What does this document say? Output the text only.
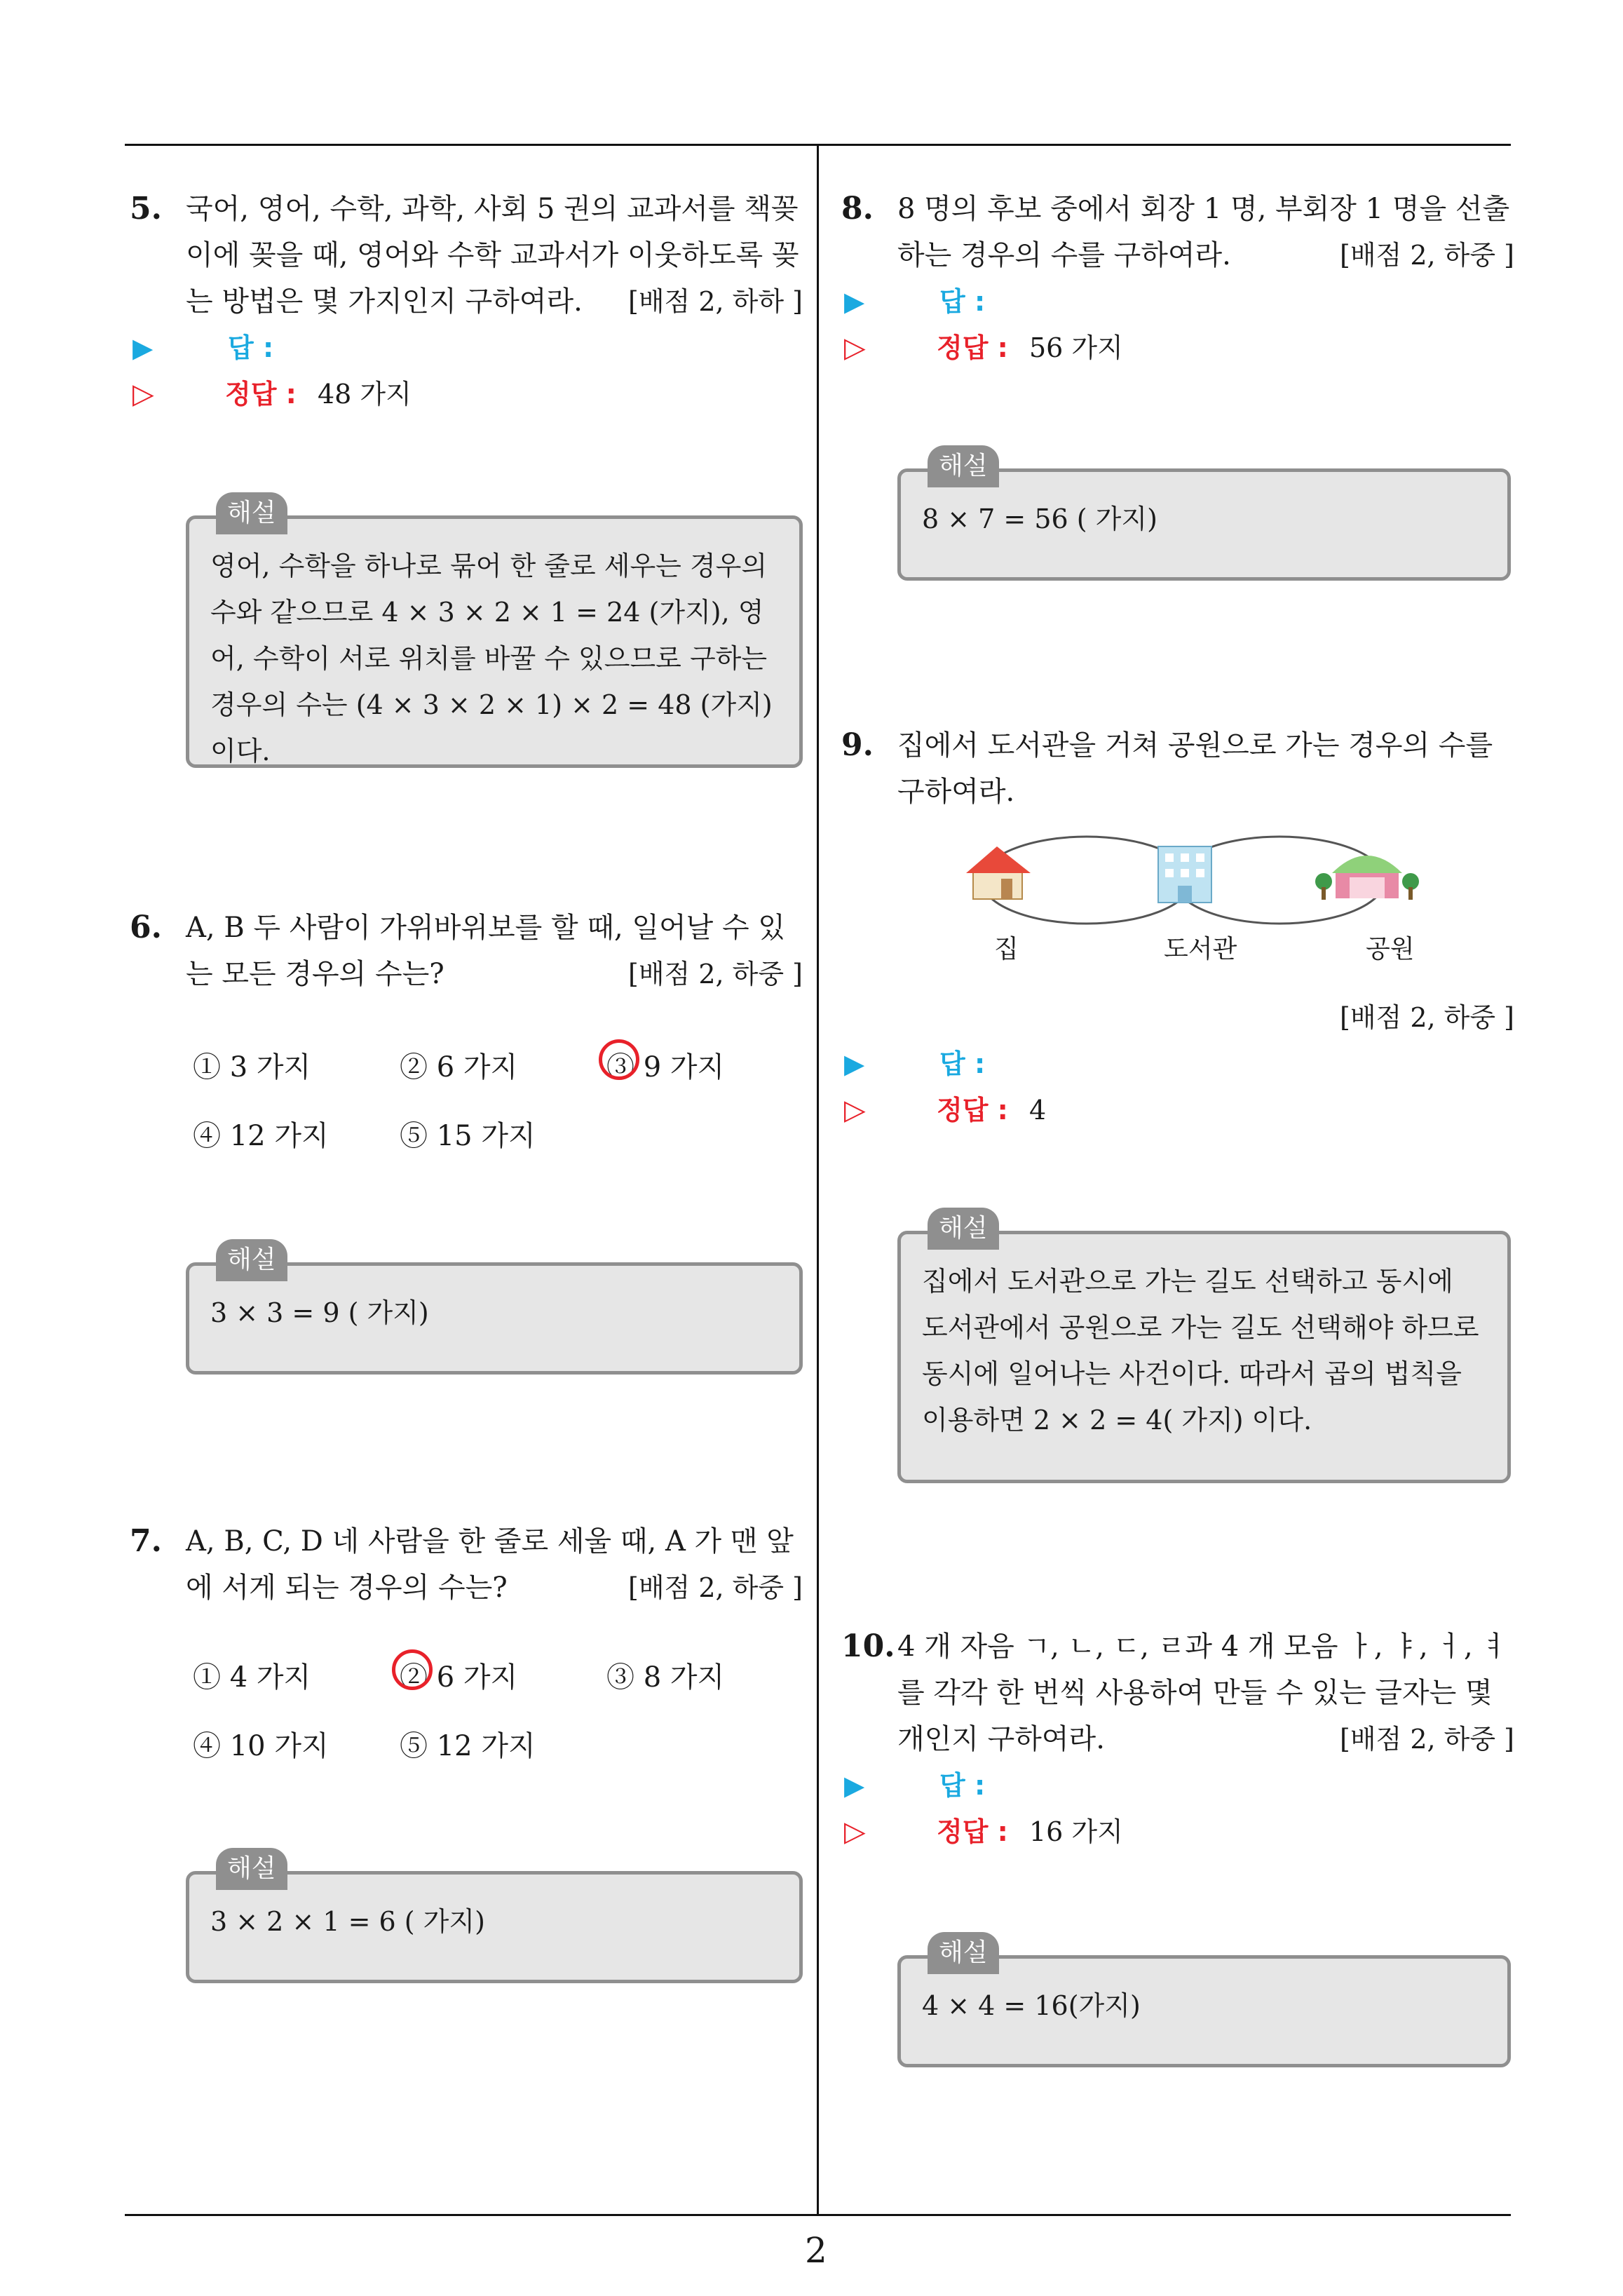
2
5. 국어, 영어, 수학, 과학, 사회 5 권의 교과서를 책꽂이에 꽂을 때, 영어와 수학 교과서가 이웃하도록 꽂는 방법은 몇 가지인지 구하여라.	[배점 2, 하하 ]
▶	답 :
▷	정답 : 48 가지
해설
영어, 수학을 하나로 묶어 한 줄로 세우는 경우의 수와 같으므로 4 × 3 × 2 × 1 = 24 (가지), 영어, 수학이 서로 위치를 바꿀 수 있으므로 구하는 경우의 수는 (4 × 3 × 2 × 1) × 2 = 48 (가지)이다.
6. A, B 두 사람이 가위바위보를 할 때, 일어날 수 있는 모든 경우의 수는?	[배점 2, 하중 ]
① 3 가지	② 6 가지	③ 9 가지
④ 12 가지	⑤ 15 가지
해설
3 × 3 = 9 ( 가지)
7. A, B, C, D 네 사람을 한 줄로 세울 때, A 가 맨 앞에 서게 되는 경우의 수는?	[배점 2, 하중 ]
① 4 가지	② 6 가지	③ 8 가지
④ 10 가지	⑤ 12 가지
해설
3 × 2 × 1 = 6 ( 가지)
8. 8 명의 후보 중에서 회장 1 명, 부회장 1 명을 선출하는 경우의 수를 구하여라.	[배점 2, 하중 ]
▶	답 :
▷	정답 : 56 가지
해설
8 × 7 = 56 ( 가지)
9. 집에서 도서관을 거쳐 공원으로 가는 경우의 수를 구하여라.
집	도서관	공원
[배점 2, 하중 ]
▶	답 :
▷	정답 : 4
해설
집에서 도서관으로 가는 길도 선택하고 동시에 도서관에서 공원으로 가는 길도 선택해야 하므로 동시에 일어나는 사건이다. 따라서 곱의 법칙을 이용하면 2 × 2 = 4( 가지) 이다.
10. 4 개 자음 ㄱ, ㄴ, ㄷ, ㄹ과 4 개 모음 ㅏ, ㅑ, ㅓ, ㅕ를 각각 한 번씩 사용하여 만들 수 있는 글자는 몇 개인지 구하여라.	[배점 2, 하중 ]
▶	답 :
▷	정답 : 16 가지
해설
4 × 4 = 16(가지)
